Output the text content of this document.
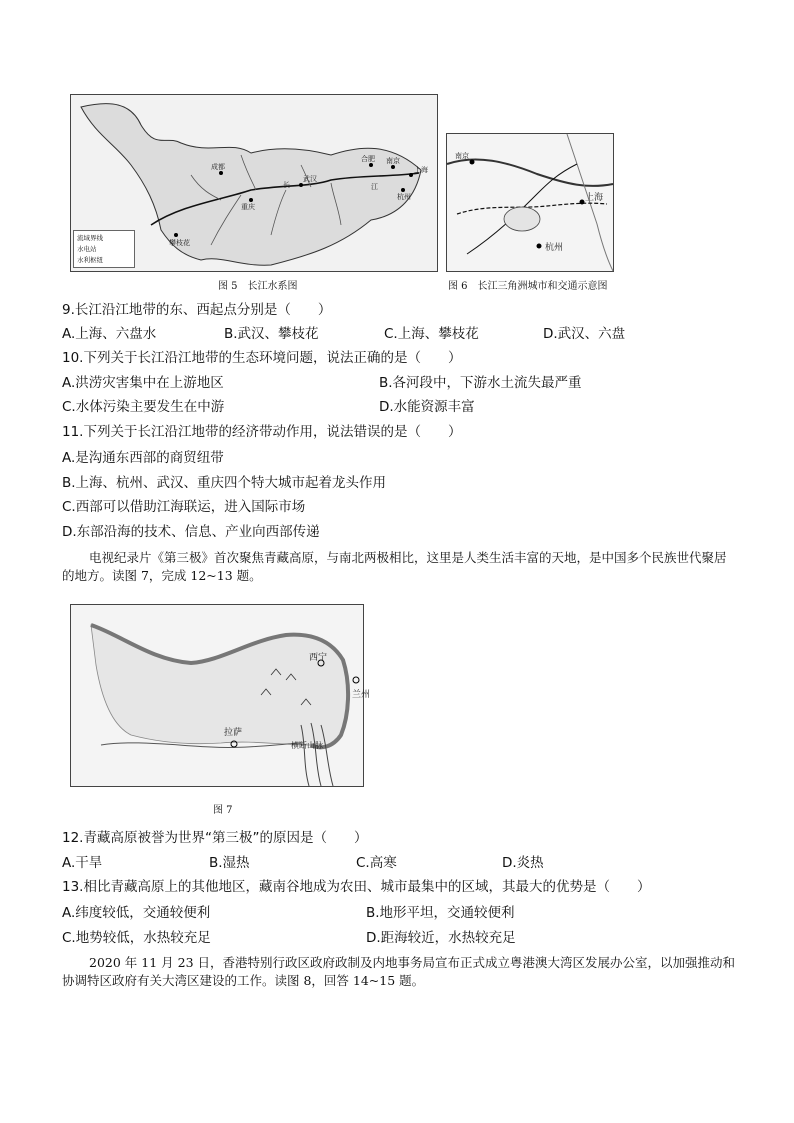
长	江
武汉
重庆
成都
攀枝花
上海
杭州
合肥 南京
流域界线
水电站
水利枢纽
图 5　长江水系图
南京
上海
杭州
图 6　长江三角洲城市和交通示意图
9.长江沿江地带的东、西起点分别是（　　）
A.上海、六盘水	B.武汉、攀枝花	C.上海、攀枝花	D.武汉、六盘
10.下列关于长江沿江地带的生态环境问题，说法正确的是（　　）
A.洪涝灾害集中在上游地区	B.各河段中，下游水土流失最严重
C.水体污染主要发生在中游	D.水能资源丰富
11.下列关于长江沿江地带的经济带动作用，说法错误的是（　　）
A.是沟通东西部的商贸纽带
B.上海、杭州、武汉、重庆四个特大城市起着龙头作用
C.西部可以借助江海联运，进入国际市场
D.东部沿海的技术、信息、产业向西部传递
电视纪录片《第三极》首次聚焦青藏高原，与南北两极相比，这里是人类生活丰富的天地，是中国多个民族世代聚居的地方。读图 7，完成 12~13 题。
西宁
兰州
拉萨
横断山脉
图 7
12.青藏高原被誉为世界“第三极”的原因是（　　）
A.干旱	B.湿热	C.高寒	D.炎热
13.相比青藏高原上的其他地区，藏南谷地成为农田、城市最集中的区域，其最大的优势是（　　）
A.纬度较低，交通较便利	B.地形平坦，交通较便利
C.地势较低，水热较充足	D.距海较近，水热较充足
2020 年 11 月 23 日，香港特别行政区政府政制及内地事务局宣布正式成立粤港澳大湾区发展办公室，以加强推动和协调特区政府有关大湾区建设的工作。读图 8，回答 14~15 题。
